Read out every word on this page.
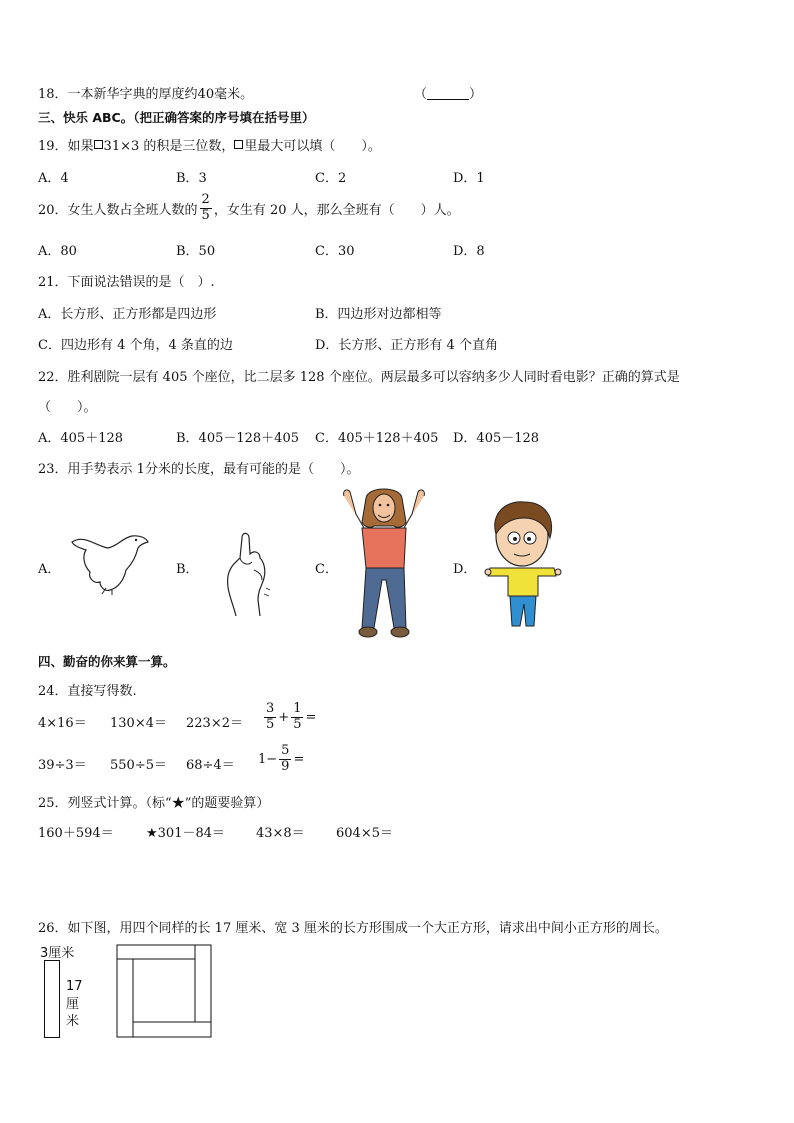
18．一本新华字典的厚度约40毫米。	（	）
三、快乐 ABC。（把正确答案的序号填在括号里）
19．如果 31×3 的积是三位数， 里最大可以填（　　）。
A．4	B．3	C．2	D．1
20．女生人数占全班人数的 $\frac{2}{5}$ ，女生有 20 人，那么全班有（　　）人。
A．80	B．50	C．30	D．8
21．下面说法错误的是（　）.
A．长方形、正方形都是四边形	B．四边形对边都相等
C．四边形有 4 个角，4 条直的边	D．长方形、正方形有 4 个直角
22．胜利剧院一层有 405 个座位，比二层多 128 个座位。两层最多可以容纳多少人同时看电影？正确的算式是
（　　）。
A．405＋128	B．405－128＋405 C．405＋128＋405 D．405－128
23．用手势表示 1分米的长度，最有可能的是（　　）。
A．	B．	C．	D．
四、勤奋的你来算一算。
24．直接写得数.
$4\times 16= 130\times 4= 223\times 2= \frac{3}{5} + \frac{1}{5}$ =
$39\div 3= 550\div 5= 68\div 4= 1- \frac{5}{9}$ =
25．列竖式计算。（标“★”的题要验算）
160＋594＝ ★301－84＝ 43×8＝ 604×5＝
26．如下图，用四个同样的长 17 厘米、宽 3 厘米的长方形围成一个大正方形，请求出中间小正方形的周长。
3厘米
17
厘
米
